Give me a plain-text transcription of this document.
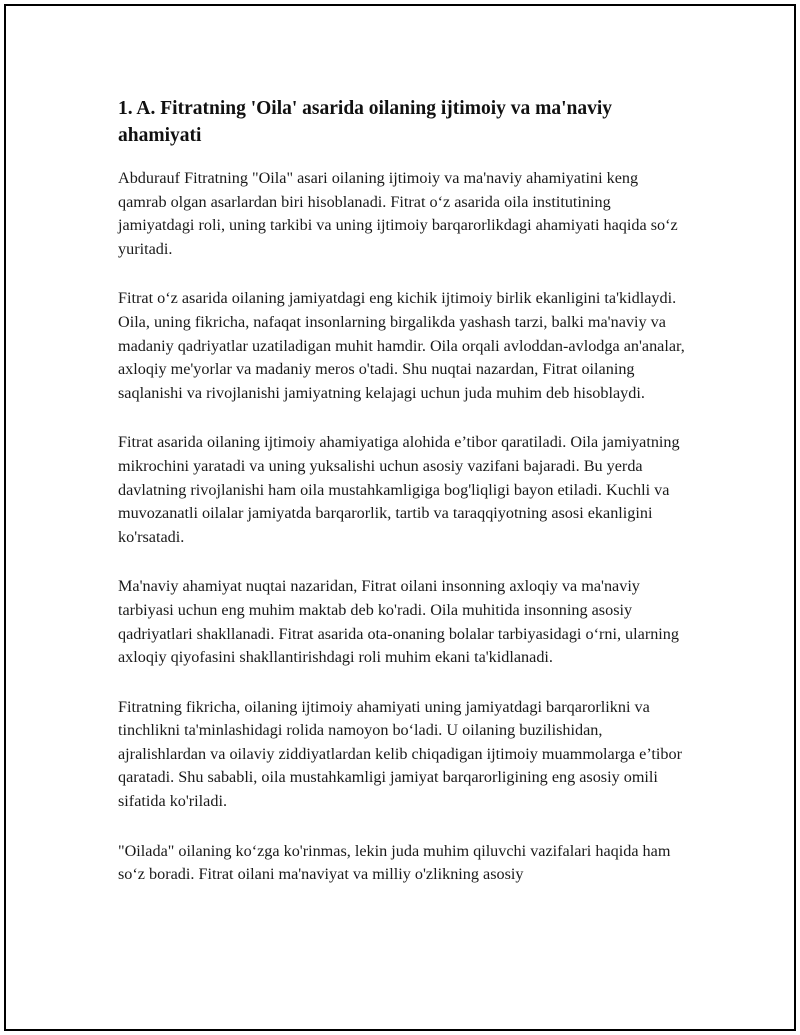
1. A. Fitratning 'Oila' asarida oilaning ijtimoiy va ma'naviy ahamiyati

Abdurauf Fitratning "Oila" asari oilaning ijtimoiy va ma'naviy ahamiyatini keng qamrab olgan asarlardan biri hisoblanadi. Fitrat o‘z asarida oila institutining jamiyatdagi roli, uning tarkibi va uning ijtimoiy barqarorlikdagi ahamiyati haqida so‘z yuritadi.

Fitrat o‘z asarida oilaning jamiyatdagi eng kichik ijtimoiy birlik ekanligini ta'kidlaydi. Oila, uning fikricha, nafaqat insonlarning birgalikda yashash tarzi, balki ma'naviy va madaniy qadriyatlar uzatiladigan muhit hamdir. Oila orqali avloddan-avlodga an'analar, axloqiy me'yorlar va madaniy meros o'tadi. Shu nuqtai nazardan, Fitrat oilaning saqlanishi va rivojlanishi jamiyatning kelajagi uchun juda muhim deb hisoblaydi.

Fitrat asarida oilaning ijtimoiy ahamiyatiga alohida e’tibor qaratiladi. Oila jamiyatning mikrochini yaratadi va uning yuksalishi uchun asosiy vazifani bajaradi. Bu yerda davlatning rivojlanishi ham oila mustahkamligiga bog'liqligi bayon etiladi. Kuchli va muvozanatli oilalar jamiyatda barqarorlik, tartib va taraqqiyotning asosi ekanligini ko'rsatadi.

Ma'naviy ahamiyat nuqtai nazaridan, Fitrat oilani insonning axloqiy va ma'naviy tarbiyasi uchun eng muhim maktab deb ko'radi. Oila muhitida insonning asosiy qadriyatlari shakllanadi. Fitrat asarida ota-onaning bolalar tarbiyasidagi o‘rni, ularning axloqiy qiyofasini shakllantirishdagi roli muhim ekani ta'kidlanadi.

Fitratning fikricha, oilaning ijtimoiy ahamiyati uning jamiyatdagi barqarorlikni va tinchlikni ta'minlashidagi rolida namoyon bo‘ladi. U oilaning buzilishidan, ajralishlardan va oilaviy ziddiyatlardan kelib chiqadigan ijtimoiy muammolarga e’tibor qaratadi. Shu sababli, oila mustahkamligi jamiyat barqarorligining eng asosiy omili sifatida ko'riladi.

"Oilada" oilaning ko‘zga ko'rinmas, lekin juda muhim qiluvchi vazifalari haqida ham so‘z boradi. Fitrat oilani ma'naviyat va milliy o'zlikning asosiy
